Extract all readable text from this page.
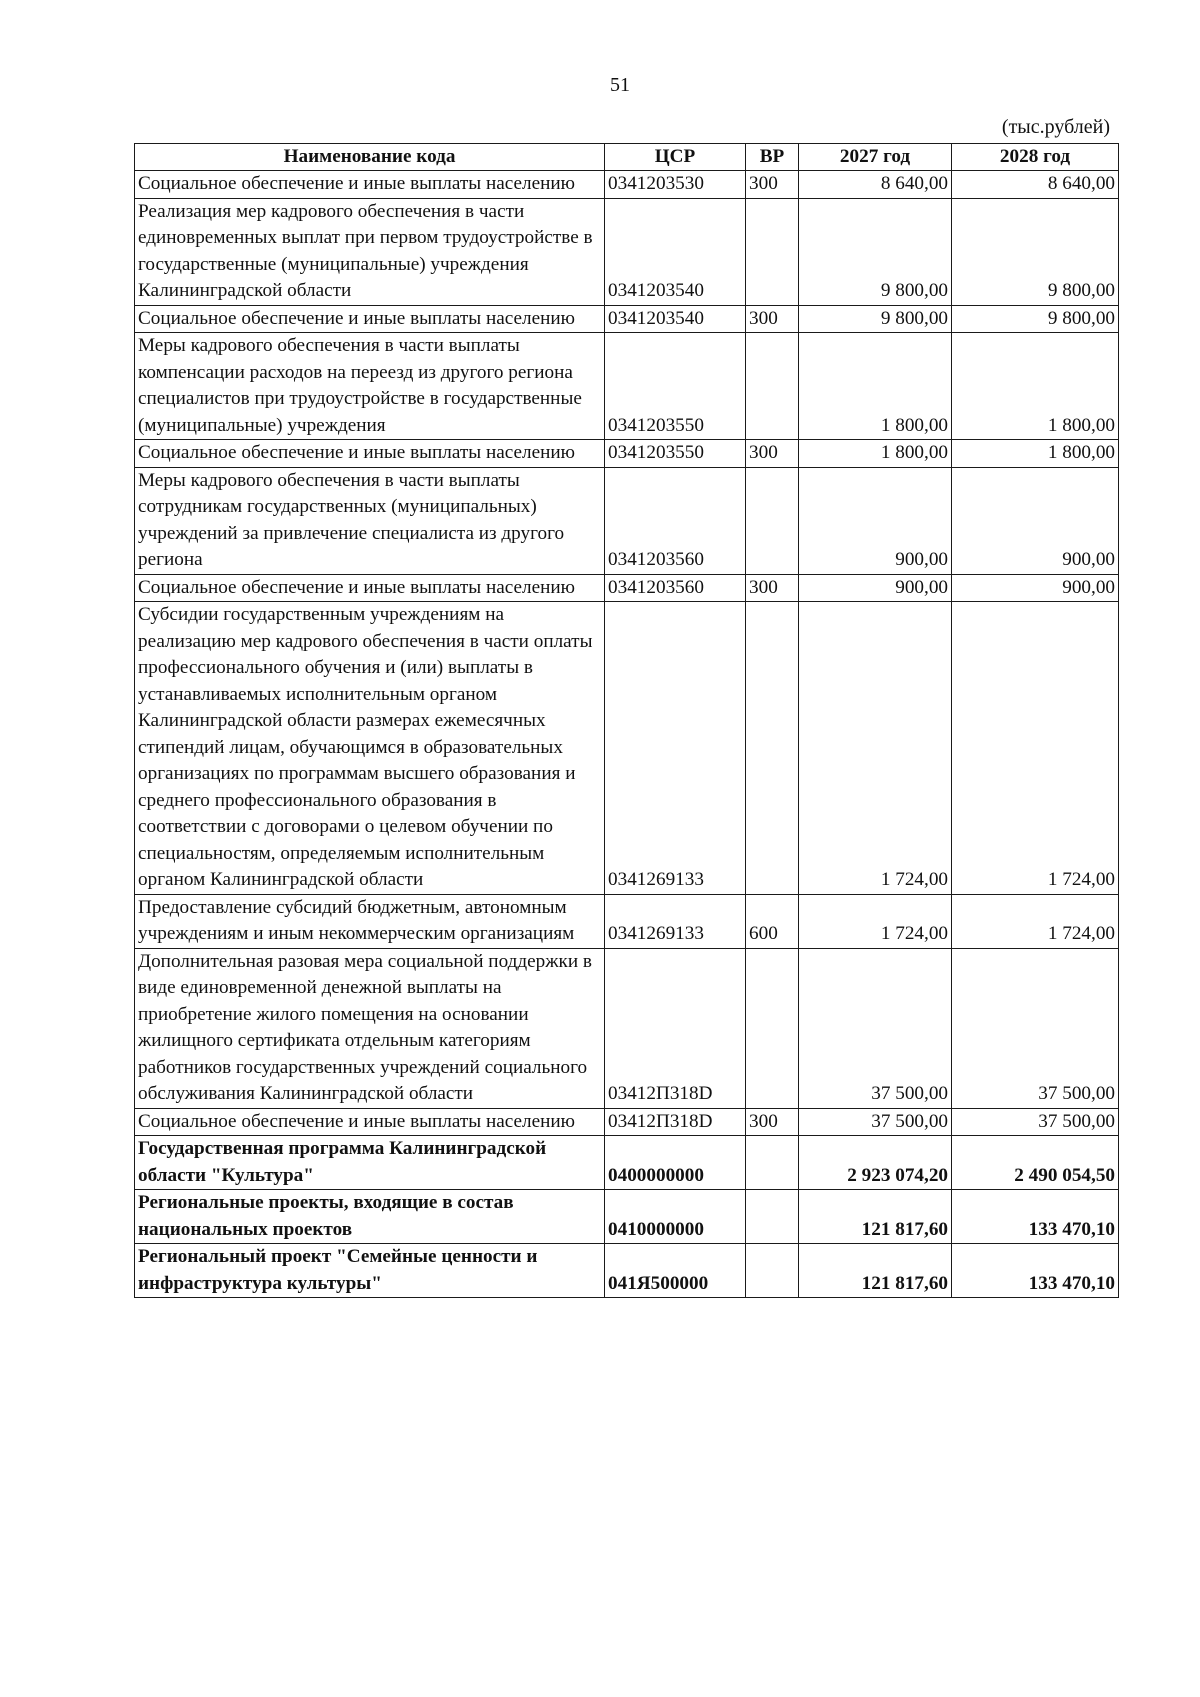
51
(тыс.рублей)
Наименование кода	ЦСР	ВР	2027 год	2028 год
Социальное обеспечение и иные выплаты населению	0341203530	300	8 640,00	8 640,00
Реализация мер кадрового обеспечения в части единовременных выплат при первом трудоустройстве в государственные (муниципальные) учреждения Калининградской области	0341203540		9 800,00	9 800,00
Социальное обеспечение и иные выплаты населению	0341203540	300	9 800,00	9 800,00
Меры кадрового обеспечения в части выплаты компенсации расходов на переезд из другого региона специалистов при трудоустройстве в государственные (муниципальные) учреждения	0341203550		1 800,00	1 800,00
Социальное обеспечение и иные выплаты населению	0341203550	300	1 800,00	1 800,00
Меры кадрового обеспечения в части выплаты сотрудникам государственных (муниципальных) учреждений за привлечение специалиста из другого региона	0341203560		900,00	900,00
Социальное обеспечение и иные выплаты населению	0341203560	300	900,00	900,00
Субсидии государственным учреждениям на реализацию мер кадрового обеспечения в части оплаты профессионального обучения и (или) выплаты в устанавливаемых исполнительным органом Калининградской области размерах ежемесячных стипендий лицам, обучающимся в образовательных организациях по программам высшего образования и среднего профессионального образования в соответствии с договорами о целевом обучении по специальностям, определяемым исполнительным органом Калининградской области	0341269133		1 724,00	1 724,00
Предоставление субсидий бюджетным, автономным учреждениям и иным некоммерческим организациям	0341269133	600	1 724,00	1 724,00
Дополнительная разовая мера социальной поддержки в виде единовременной денежной выплаты на приобретение жилого помещения на основании жилищного сертификата отдельным категориям работников государственных учреждений социального обслуживания Калининградской области	03412П318D		37 500,00	37 500,00
Социальное обеспечение и иные выплаты населению	03412П318D	300	37 500,00	37 500,00
Государственная программа Калининградской области "Культура"	0400000000		2 923 074,20	2 490 054,50
Региональные проекты, входящие в состав национальных проектов	0410000000		121 817,60	133 470,10
Региональный проект "Семейные ценности и инфраструктура культуры"	041Я500000		121 817,60	133 470,10
